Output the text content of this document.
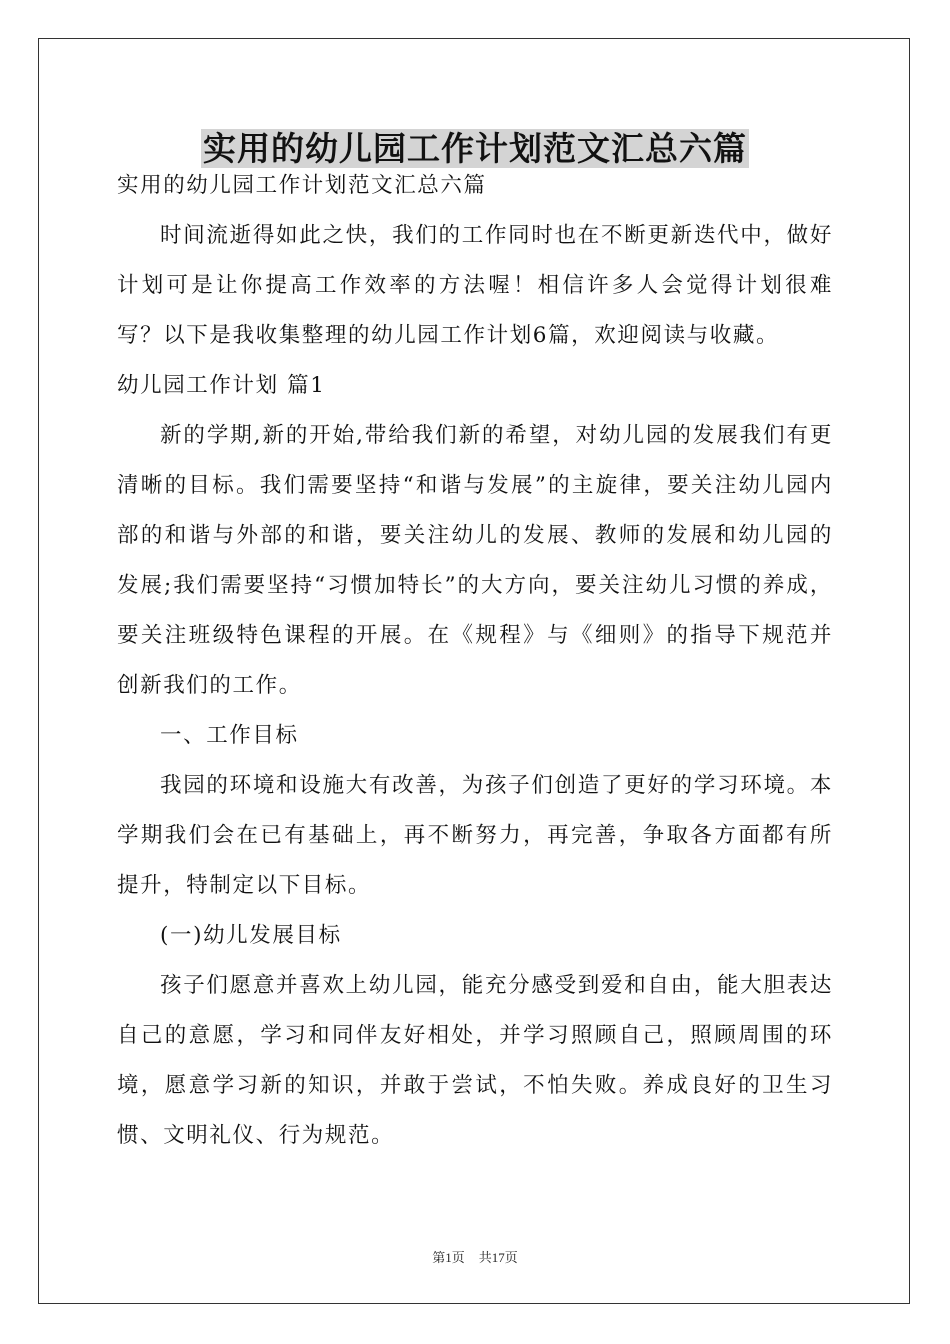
实用的幼儿园工作计划范文汇总六篇

实用的幼儿园工作计划范文汇总六篇

时间流逝得如此之快，我们的工作同时也在不断更新迭代中，做好计划可是让你提高工作效率的方法喔！相信许多人会觉得计划很难写？以下是我收集整理的幼儿园工作计划6篇，欢迎阅读与收藏。

幼儿园工作计划 篇1

新的学期,新的开始,带给我们新的希望，对幼儿园的发展我们有更清晰的目标。我们需要坚持“和谐与发展”的主旋律，要关注幼儿园内部的和谐与外部的和谐，要关注幼儿的发展、教师的发展和幼儿园的发展;我们需要坚持“习惯加特长”的大方向，要关注幼儿习惯的养成，要关注班级特色课程的开展。在《规程》与《细则》的指导下规范并创新我们的工作。

一、工作目标

我园的环境和设施大有改善，为孩子们创造了更好的学习环境。本学期我们会在已有基础上，再不断努力，再完善，争取各方面都有所提升，特制定以下目标。

(一)幼儿发展目标

孩子们愿意并喜欢上幼儿园，能充分感受到爱和自由，能大胆表达自己的意愿，学习和同伴友好相处，并学习照顾自己，照顾周围的环境，愿意学习新的知识，并敢于尝试，不怕失败。养成良好的卫生习惯、文明礼仪、行为规范。

第1页 共17页
